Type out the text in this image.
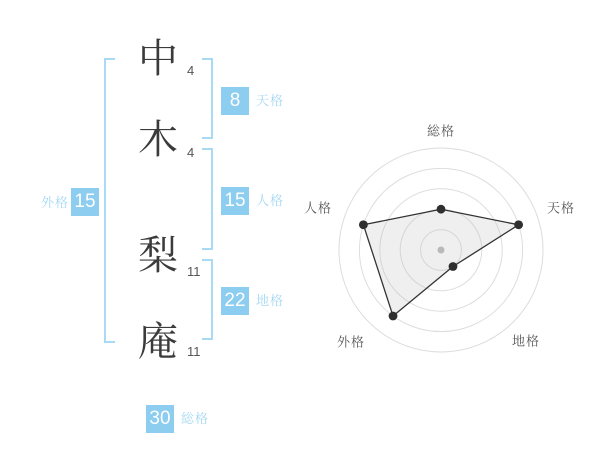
中
木
梨
庵
4
4
11
11
8	天格
15 人格
22 地格
外格 15
30 総格
総格
天格
地格
外格
人格
